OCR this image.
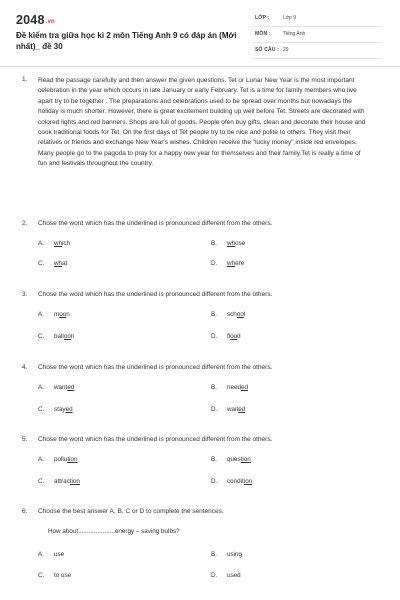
2048.vn
Đề kiểm tra giữa học kì 2 môn Tiếng Anh 9 có đáp án (Mới nhất)_ đề 30
LỚP :	Lớp 9
MÔN : Tiếng Anh
SỐ CÂU : 29
1. Read the passage carefully and then answer the given questions. Tet or Lunar New Year is the most important celebration in the year which occurs in late January or early February. Tet is a time for family members who live apart try to be together . The preparations and celebrations used to be spread over months but nowadays the holiday is much shorter. However, there is great excitement building up well before Tet. Streets are decorated with colored lights and red banners. Shops are full of goods. People ofen buy gifts, clean and decorate their house and cook traditional foods for Tet. On the first days of Tet people try to be nice and polite to others. They visit their relatives or friends and exchange New Year's wishes. Children receive the "lucky money" inside red envelopes. Many people go to the pagoda to pray for a happy new year for themselves and their family.Tet is really a time of fun and festivals throughout the country.
2. Chose the word which has the underlined is pronounced different from the others.
A. which	B. whose
C. what	D. where
3. Chose the word which has the underlined is pronounced different from the others.
A. moon	B. school
C. balloon	D. flood
4. Chose the word which has the underlined is pronounced different from the others.
A. wanted	B. needed
C. stayed	D. waited
5. Chose the word which has the underlined is pronounced different from the others.
A. pollution	B. question
C. attraction	D. condition
6. Choose the best answer A, B, C or D to complete the sentences.
How about.....................energy – saving bulbs?
A. use	B. using
C. to use	D. used
